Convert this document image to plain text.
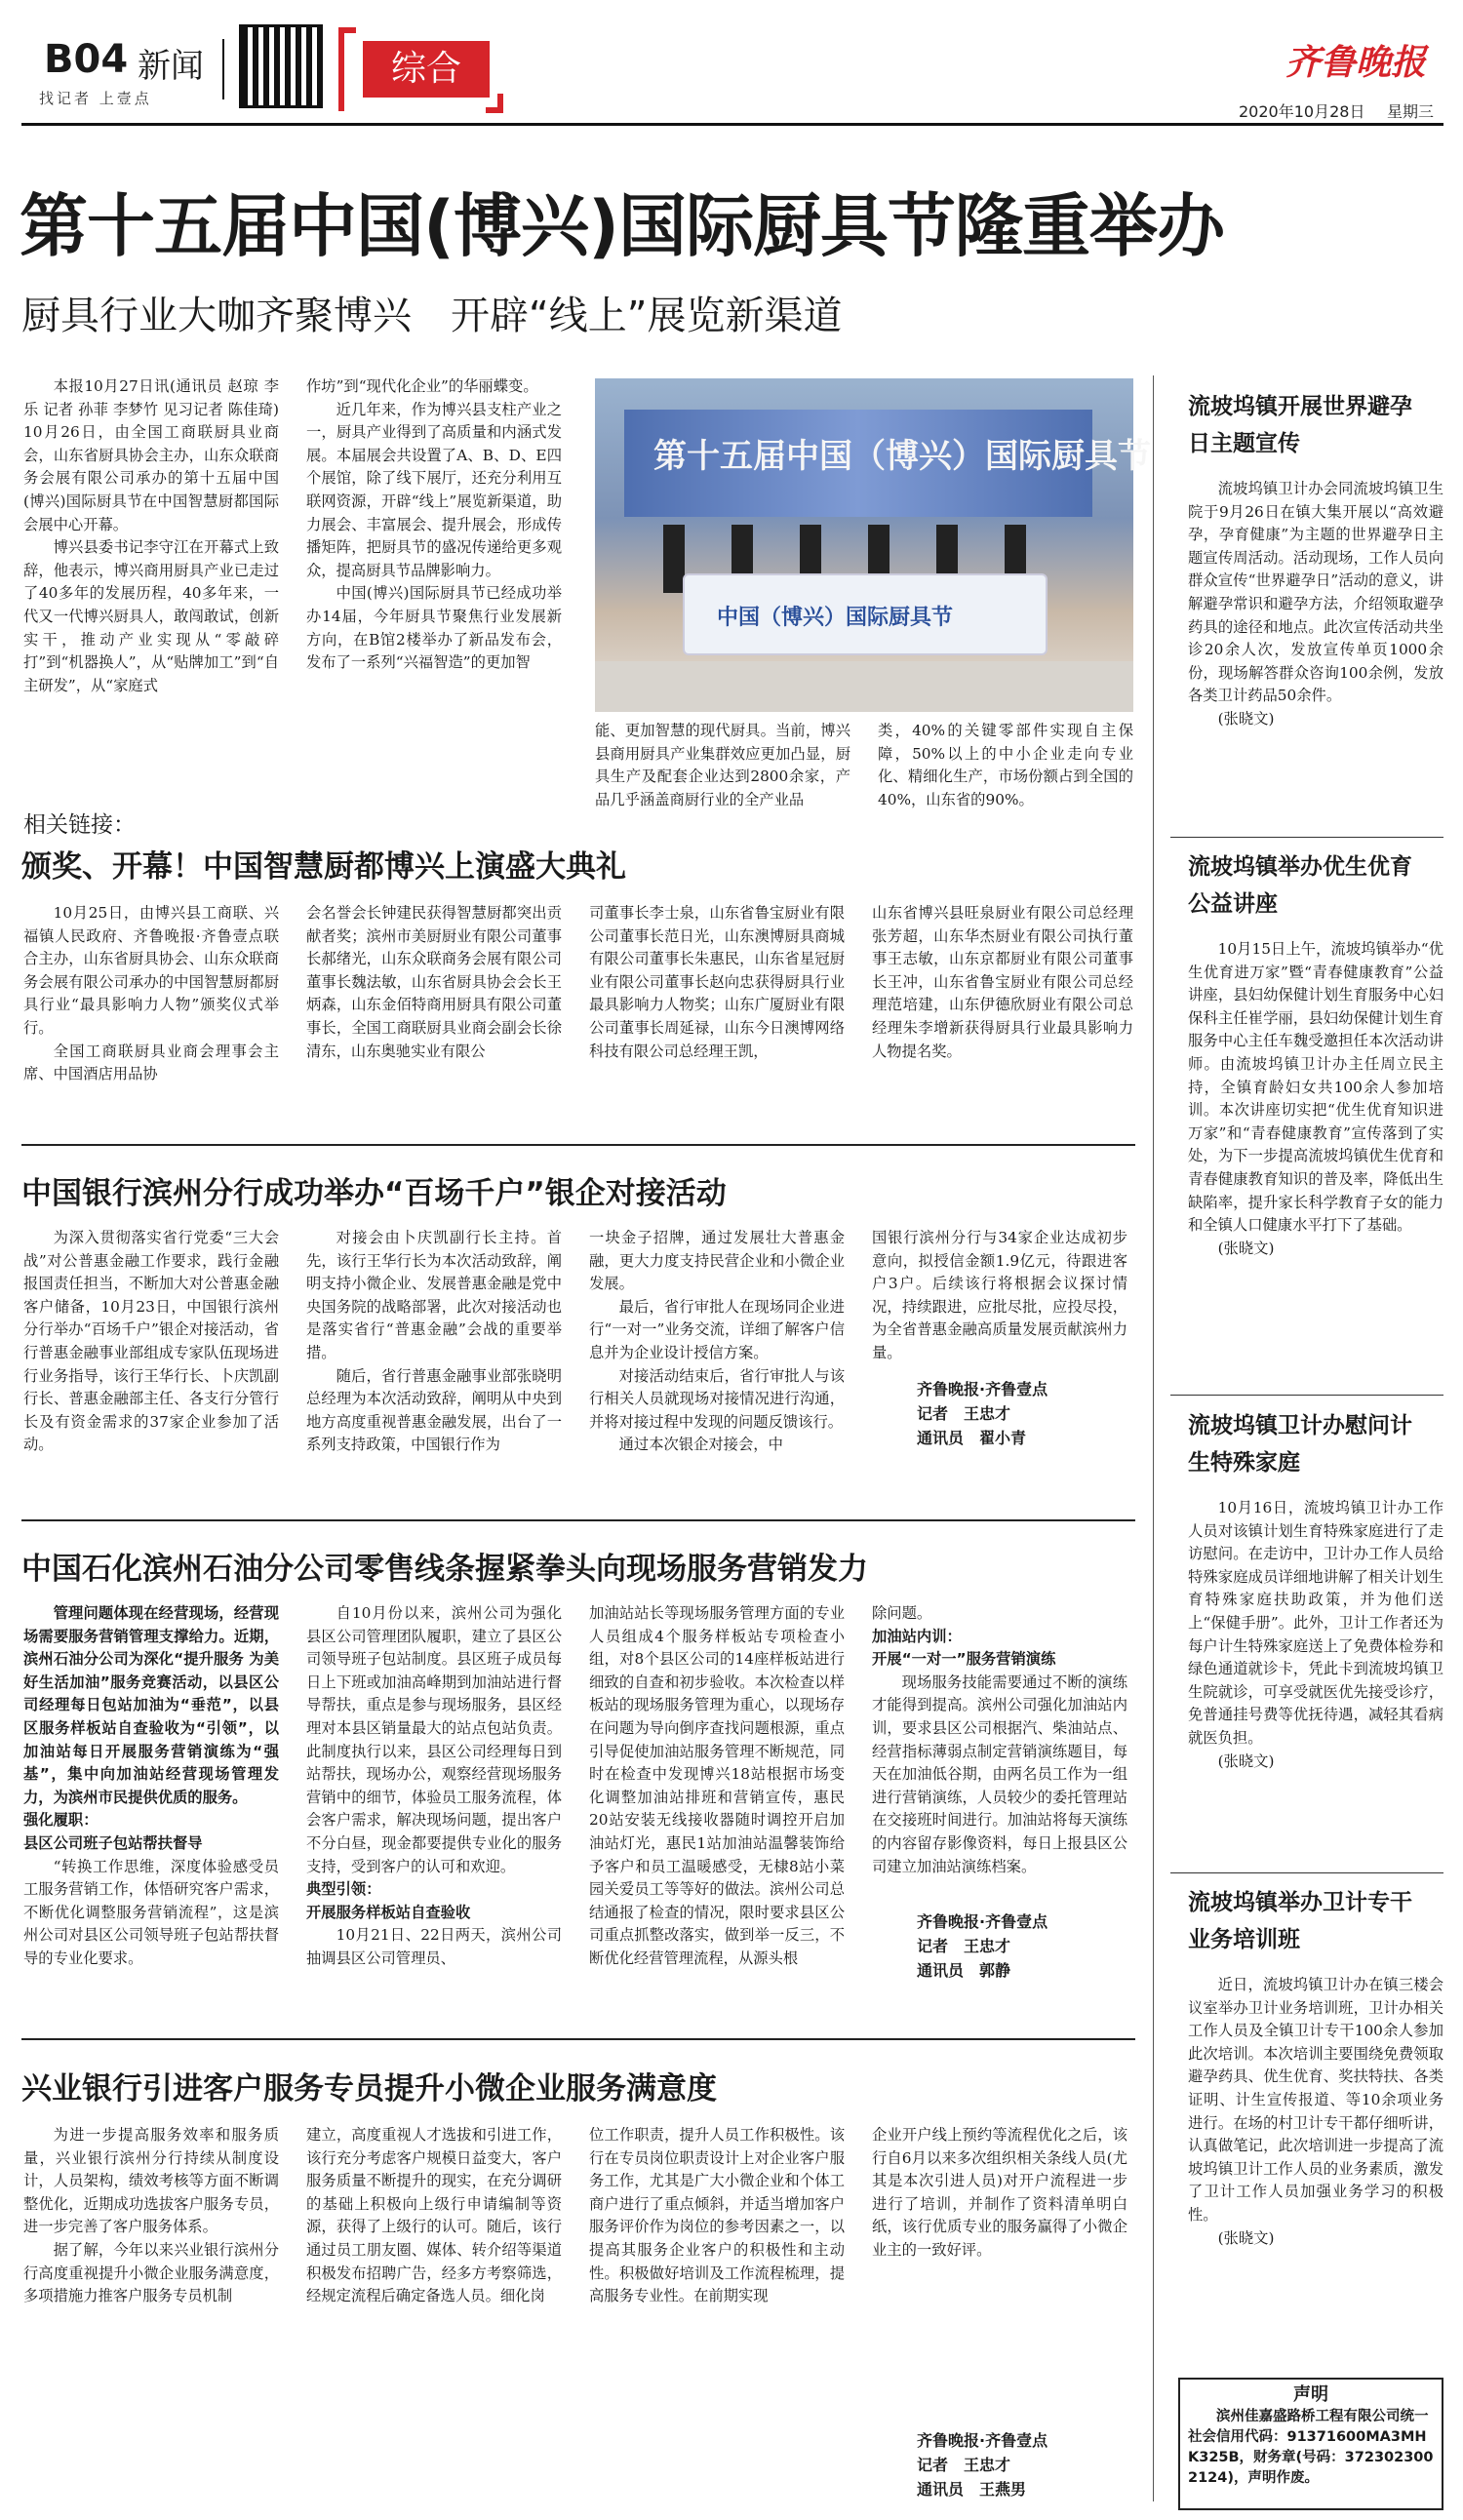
B04 新闻
找记者 上壹点
综合	齐鲁晚报
2020年10月28日 星期三
第十五届中国(博兴)国际厨具节隆重举办
厨具行业大咖齐聚博兴　开辟“线上”展览新渠道

本报10月27日讯(通讯员 赵琼 李乐 记者 孙菲 李梦竹 见习记者 陈佳琦) 10月26日，由全国工商联厨具业商会，山东省厨具协会主办，山东众联商务会展有限公司承办的第十五届中国(博兴)国际厨具节在中国智慧厨都国际会展中心开幕。

博兴县委书记李守江在开幕式上致辞，他表示，博兴商用厨具产业已走过了40多年的发展历程，40多年来，一代又一代博兴厨具人，敢闯敢试，创新实干，推动产业实现从“零敲碎打”到“机器换人”，从“贴牌加工”到“自主研发”，从“家庭式

作坊”到“现代化企业”的华丽蝶变。

近几年来，作为博兴县支柱产业之一，厨具产业得到了高质量和内涵式发展。本届展会共设置了A、B、D、E四个展馆，除了线下展厅，还充分利用互联网资源，开辟“线上”展览新渠道，助力展会、丰富展会、提升展会，形成传播矩阵，把厨具节的盛况传递给更多观众，提高厨具节品牌影响力。

中国(博兴)国际厨具节已经成功举办14届，今年厨具节聚焦行业发展新方向，在B馆2楼举办了新品发布会，发布了一系列“兴福智造”的更加智

第十五届中国（博兴）国际厨具节
中国（博兴）国际厨具节

能、更加智慧的现代厨具。当前，博兴县商用厨具产业集群效应更加凸显，厨具生产及配套企业达到2800余家，产品几乎涵盖商厨行业的全产业品

类，40%的关键零部件实现自主保障，50%以上的中小企业走向专业化、精细化生产，市场份额占到全国的40%，山东省的90%。

相关链接：
颁奖、开幕！中国智慧厨都博兴上演盛大典礼

10月25日，由博兴县工商联、兴福镇人民政府、齐鲁晚报·齐鲁壹点联合主办，山东省厨具协会、山东众联商务会展有限公司承办的中国智慧厨都厨具行业“最具影响力人物”颁奖仪式举行。

全国工商联厨具业商会理事会主席、中国酒店用品协

会名誉会长钟建民获得智慧厨都突出贡献者奖；滨州市美厨厨业有限公司董事长郝绪光，山东众联商务会展有限公司董事长魏法敏，山东省厨具协会会长王炳森，山东金佰特商用厨具有限公司董事长，全国工商联厨具业商会副会长徐清东，山东奥驰实业有限公

司董事长李士泉，山东省鲁宝厨业有限公司董事长范日光，山东澳博厨具商城有限公司董事长朱惠民，山东省星冠厨业有限公司董事长赵向忠获得厨具行业最具影响力人物奖；山东广厦厨业有限公司董事长周延禄，山东今日澳博网络科技有限公司总经理王凯，

山东省博兴县旺泉厨业有限公司总经理张芳超，山东华杰厨业有限公司执行董事王志敏，山东京都厨业有限公司董事长王冲，山东省鲁宝厨业有限公司总经理范培建，山东伊德欣厨业有限公司总经理朱李增新获得厨具行业最具影响力人物提名奖。

中国银行滨州分行成功举办“百场千户”银企对接活动

为深入贯彻落实省行党委“三大会战”对公普惠金融工作要求，践行金融报国责任担当，不断加大对公普惠金融客户储备，10月23日，中国银行滨州分行举办“百场千户”银企对接活动，省行普惠金融事业部组成专家队伍现场进行业务指导，该行王华行长、卜庆凯副行长、普惠金融部主任、各支行分管行长及有资金需求的37家企业参加了活动。

对接会由卜庆凯副行长主持。首先，该行王华行长为本次活动致辞，阐明支持小微企业、发展普惠金融是党中央国务院的战略部署，此次对接活动也是落实省行“普惠金融”会战的重要举措。

随后，省行普惠金融事业部张晓明总经理为本次活动致辞，阐明从中央到地方高度重视普惠金融发展，出台了一系列支持政策，中国银行作为

一块金子招牌，通过发展壮大普惠金融，更大力度支持民营企业和小微企业发展。

最后，省行审批人在现场同企业进行“一对一”业务交流，详细了解客户信息并为企业设计授信方案。

对接活动结束后，省行审批人与该行相关人员就现场对接情况进行沟通，并将对接过程中发现的问题反馈该行。

通过本次银企对接会，中

国银行滨州分行与34家企业达成初步意向，拟授信金额1.9亿元，待跟进客户3户。后续该行将根据会议探讨情况，持续跟进，应批尽批，应投尽投，为全省普惠金融高质量发展贡献滨州力量。

齐鲁晚报·齐鲁壹点
记者　王忠才
通讯员　翟小青
中国石化滨州石油分公司零售线条握紧拳头向现场服务营销发力

管理问题体现在经营现场，经营现场需要服务营销管理支撑给力。近期，滨州石油分公司为深化“提升服务 为美好生活加油”服务竞赛活动，以县区公司经理每日包站加油为“垂范”，以县区服务样板站自查验收为“引领”，以加油站每日开展服务营销演练为“强基”，集中向加油站经营现场管理发力，为滨州市民提供优质的服务。

强化履职：

县区公司班子包站帮扶督导

“转换工作思维，深度体验感受员工服务营销工作，体悟研究客户需求，不断优化调整服务营销流程”，这是滨州公司对县区公司领导班子包站帮扶督导的专业化要求。

自10月份以来，滨州公司为强化县区公司管理团队履职，建立了县区公司领导班子包站制度。县区班子成员每日上下班或加油高峰期到加油站进行督导帮扶，重点是参与现场服务，县区经理对本县区销量最大的站点包站负责。此制度执行以来，县区公司经理每日到站帮扶，现场办公，观察经营现场服务营销中的细节，体验员工服务流程，体会客户需求，解决现场问题，提出客户不分白昼，现金都要提供专业化的服务支持，受到客户的认可和欢迎。

典型引领：

开展服务样板站自查验收

10月21日、22日两天，滨州公司抽调县区公司管理员、

加油站站长等现场服务管理方面的专业人员组成4个服务样板站专项检查小组，对8个县区公司的14座样板站进行细致的自查和初步验收。本次检查以样板站的现场服务管理为重心，以现场存在问题为导向倒序查找问题根源，重点引导促使加油站服务管理不断规范，同时在检查中发现博兴18站根据市场变化调整加油站排班和营销宣传，惠民20站安装无线接收器随时调控开启加油站灯光，惠民1站加油站温馨装饰给予客户和员工温暖感受，无棣8站小菜园关爱员工等等好的做法。滨州公司总结通报了检查的情况，限时要求县区公司重点抓整改落实，做到举一反三，不断优化经营管理流程，从源头根

除问题。

加油站内训：

开展“一对一”服务营销演练

现场服务技能需要通过不断的演练才能得到提高。滨州公司强化加油站内训，要求县区公司根据汽、柴油站点、经营指标薄弱点制定营销演练题目，每天在加油低谷期，由两名员工作为一组进行营销演练，人员较少的委托管理站在交接班时间进行。加油站将每天演练的内容留存影像资料，每日上报县区公司建立加油站演练档案。

齐鲁晚报·齐鲁壹点
记者　王忠才
通讯员　郭静
兴业银行引进客户服务专员提升小微企业服务满意度

为进一步提高服务效率和服务质量，兴业银行滨州分行持续从制度设计，人员架构，绩效考核等方面不断调整优化，近期成功选拔客户服务专员，进一步完善了客户服务体系。

据了解，今年以来兴业银行滨州分行高度重视提升小微企业服务满意度，多项措施力推客户服务专员机制

建立，高度重视人才选拔和引进工作，该行充分考虑客户规模日益变大，客户服务质量不断提升的现实，在充分调研的基础上积极向上级行申请编制等资源，获得了上级行的认可。随后，该行通过员工朋友圈、媒体、转介绍等渠道积极发布招聘广告，经多方考察筛选，经规定流程后确定备选人员。细化岗

位工作职责，提升人员工作积极性。该行在专员岗位职责设计上对企业客户服务工作，尤其是广大小微企业和个体工商户进行了重点倾斜，并适当增加客户服务评价作为岗位的参考因素之一，以提高其服务企业客户的积极性和主动性。积极做好培训及工作流程梳理，提高服务专业性。在前期实现

企业开户线上预约等流程优化之后，该行自6月以来多次组织相关条线人员(尤其是本次引进人员)对开户流程进一步进行了培训，并制作了资料清单明白纸，该行优质专业的服务赢得了小微企业主的一致好评。

齐鲁晚报·齐鲁壹点
记者　王忠才
通讯员　王燕男
流坡坞镇开展世界避孕日主题宣传

流坡坞镇卫计办会同流坡坞镇卫生院于9月26日在镇大集开展以“高效避孕，孕育健康”为主题的世界避孕日主题宣传周活动。活动现场，工作人员向群众宣传“世界避孕日”活动的意义，讲解避孕常识和避孕方法，介绍领取避孕药具的途径和地点。此次宣传活动共坐诊20余人次，发放宣传单页1000余份，现场解答群众咨询100余例，发放各类卫计药品50余件。

(张晓文)

流坡坞镇举办优生优育公益讲座

10月15日上午，流坡坞镇举办“优生优育进万家”暨“青春健康教育”公益讲座，县妇幼保健计划生育服务中心妇保科主任崔学丽，县妇幼保健计划生育服务中心主任车魏受邀担任本次活动讲师。由流坡坞镇卫计办主任周立民主持，全镇育龄妇女共100余人参加培训。本次讲座切实把“优生优育知识进万家”和“青春健康教育”宣传落到了实处，为下一步提高流坡坞镇优生优育和青春健康教育知识的普及率，降低出生缺陷率，提升家长科学教育子女的能力和全镇人口健康水平打下了基础。

(张晓文)

流坡坞镇卫计办慰问计生特殊家庭

10月16日，流坡坞镇卫计办工作人员对该镇计划生育特殊家庭进行了走访慰问。在走访中，卫计办工作人员给特殊家庭成员详细地讲解了相关计划生育特殊家庭扶助政策，并为他们送上“保健手册”。此外，卫计工作者还为每户计生特殊家庭送上了免费体检券和绿色通道就诊卡，凭此卡到流坡坞镇卫生院就诊，可享受就医优先接受诊疗，免普通挂号费等优抚待遇，减轻其看病就医负担。

(张晓文)

流坡坞镇举办卫计专干业务培训班

近日，流坡坞镇卫计办在镇三楼会议室举办卫计业务培训班，卫计办相关工作人员及全镇卫计专干100余人参加此次培训。本次培训主要围绕免费领取避孕药具、优生优育、奖扶特扶、各类证明、计生宣传报道、等10余项业务进行。在场的村卫计专干都仔细听讲，认真做笔记，此次培训进一步提高了流坡坞镇卫计工作人员的业务素质，激发了卫计工作人员加强业务学习的积极性。

(张晓文)

声明
滨州佳嘉盛路桥工程有限公司统一社会信用代码：91371600MA3MHK325B，财务章(号码：3723023002124)，声明作废。
